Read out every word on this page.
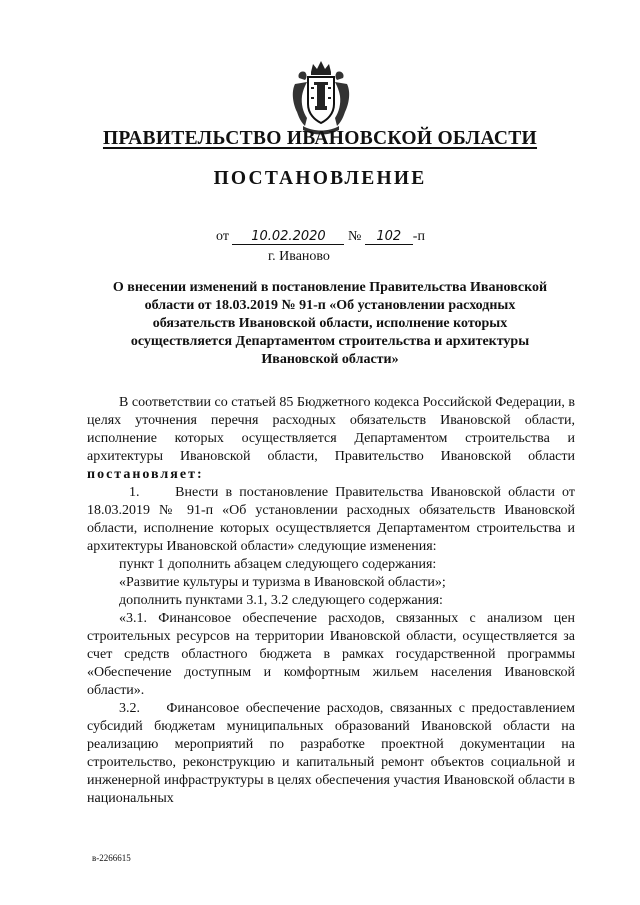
ПРАВИТЕЛЬСТВО ИВАНОВСКОЙ ОБЛАСТИ
ПОСТАНОВЛЕНИЕ
от 10.02.2020 № 102 -п
г. Иваново
О внесении изменений в постановление Правительства Ивановской области от 18.03.2019 № 91-п «Об установлении расходных обязательств Ивановской области, исполнение которых осуществляется Департаментом строительства и архитектуры Ивановской области»

В соответствии со статьей 85 Бюджетного кодекса Российской Федерации, в целях уточнения перечня расходных обязательств Ивановской области, исполнение которых осуществляется Департаментом строительства и архитектуры Ивановской области, Правительство Ивановской области постановляет:

1.     Внести в постановление Правительства Ивановской области от 18.03.2019 № 91-п «Об установлении расходных обязательств Ивановской области, исполнение которых осуществляется Департаментом строительства и архитектуры Ивановской области» следующие изменения:

пункт 1 дополнить абзацем следующего содержания:

«Развитие культуры и туризма в Ивановской области»;

дополнить пунктами 3.1, 3.2 следующего содержания:

«3.1. Финансовое обеспечение расходов, связанных с анализом цен строительных ресурсов на территории Ивановской области, осуществляется за счет средств областного бюджета в рамках государственной программы «Обеспечение доступным и комфортным жильем населения Ивановской области».

3.2.    Финансовое обеспечение расходов, связанных с предоставлением субсидий бюджетам муниципальных образований Ивановской области на реализацию мероприятий по разработке проектной документации на строительство, реконструкцию и капитальный ремонт объектов социальной и инженерной инфраструктуры в целях обеспечения участия Ивановской области в национальных

в-2266615
